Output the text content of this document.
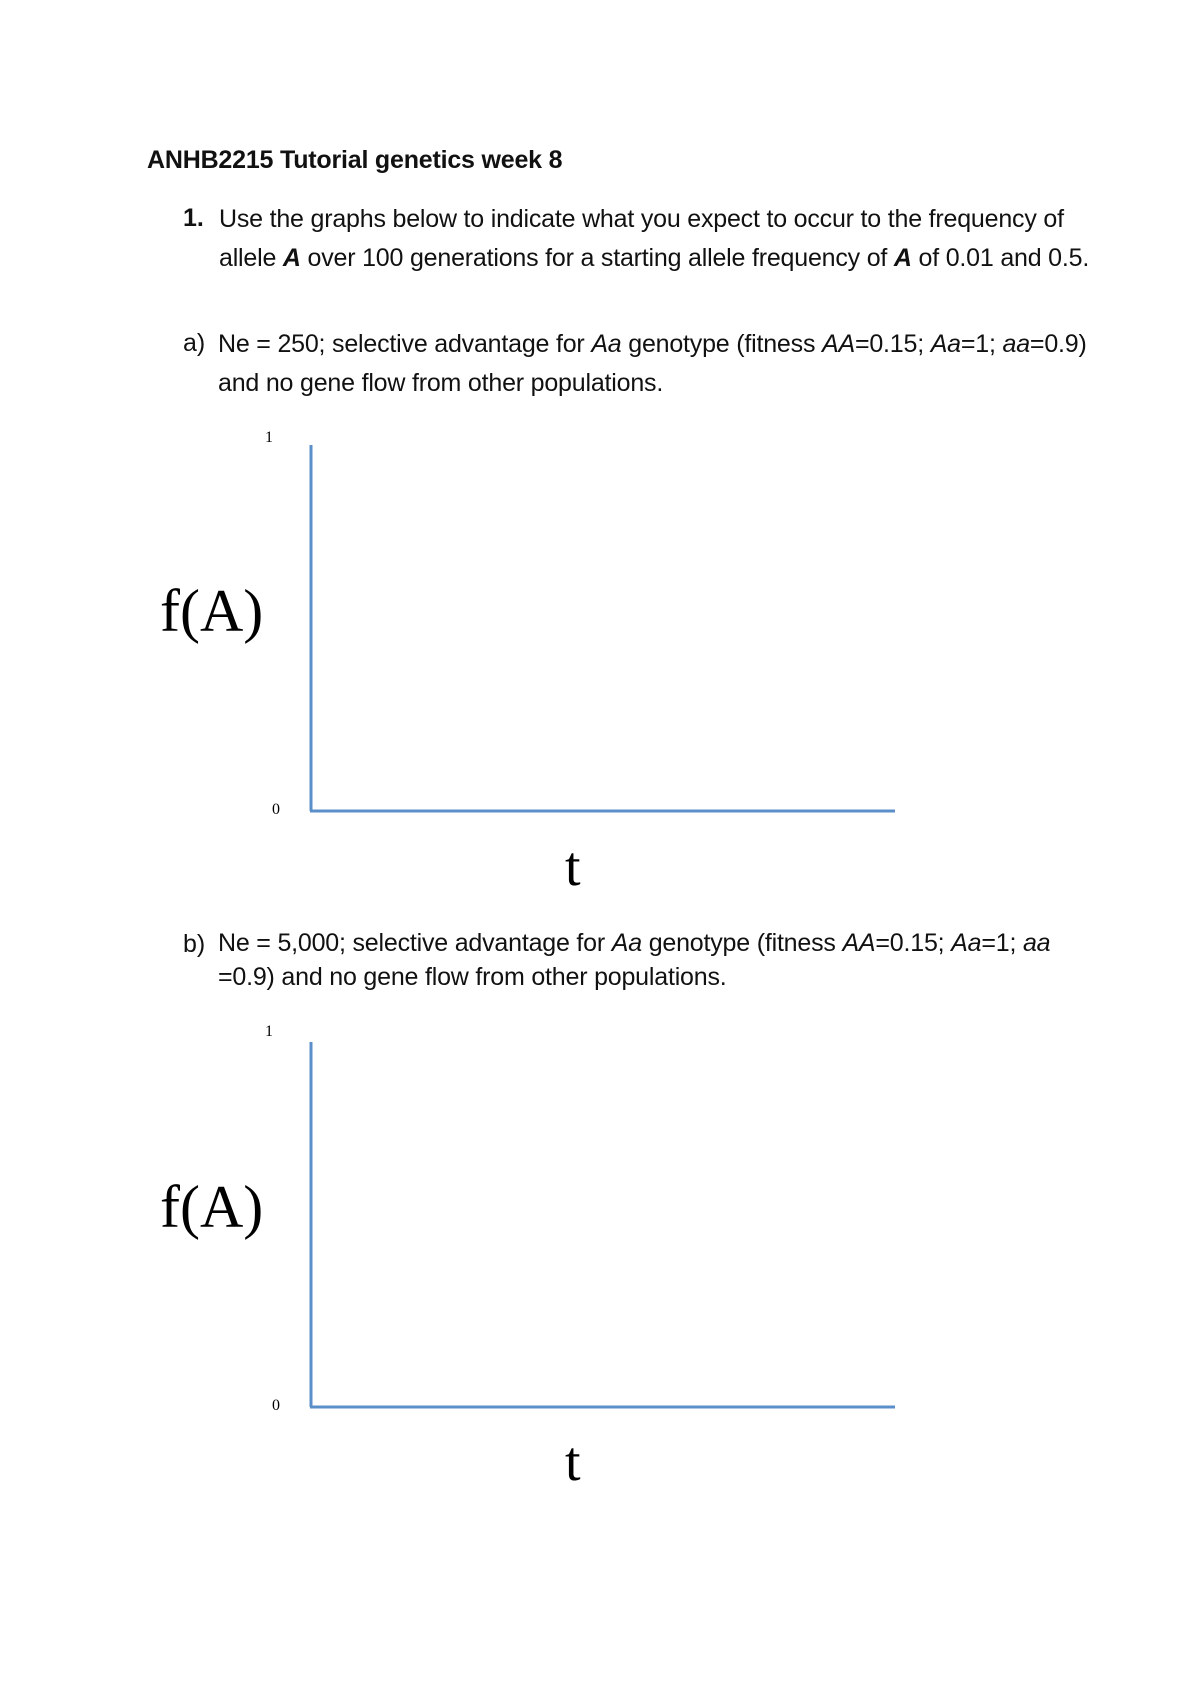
ANHB2215 Tutorial genetics week 8
1. Use the graphs below to indicate what you expect to occur to the frequency of allele A over 100 generations for a starting allele frequency of A of 0.01 and 0.5.
a) Ne = 250; selective advantage for Aa genotype (fitness AA=0.15; Aa=1; aa=0.9) and no gene flow from other populations.
1
0
f(A)
t
b) Ne = 5,000; selective advantage for Aa genotype (fitness AA=0.15; Aa=1; aa =0.9) and no gene flow from other populations.
1
0
f(A)
t
